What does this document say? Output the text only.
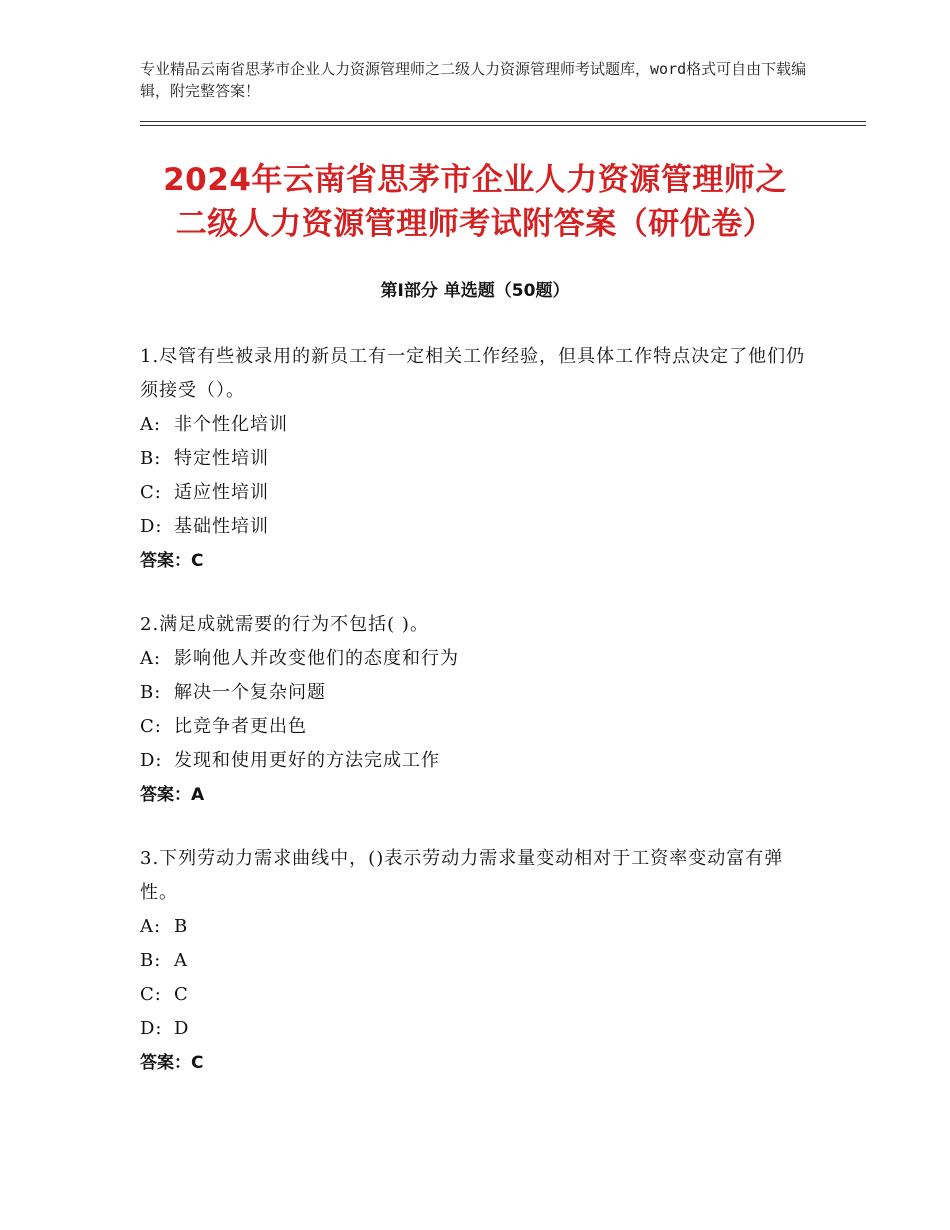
专业精品云南省思茅市企业人力资源管理师之二级人力资源管理师考试题库，word格式可自由下载编辑，附完整答案！
2024年云南省思茅市企业人力资源管理师之
二级人力资源管理师考试附答案（研优卷）
第Ⅰ部分 单选题（50题）

1.尽管有些被录用的新员工有一定相关工作经验，但具体工作特点决定了他们仍须接受（）。

A: 非个性化培训
B: 特定性培训
C: 适应性培训
D: 基础性培训
答案：C

2.满足成就需要的行为不包括( )。

A: 影响他人并改变他们的态度和行为
B: 解决一个复杂问题
C: 比竞争者更出色
D: 发现和使用更好的方法完成工作
答案：A

3.下列劳动力需求曲线中，()表示劳动力需求量变动相对于工资率变动富有弹性。

A: B
B: A
C: C
D: D
答案：C
